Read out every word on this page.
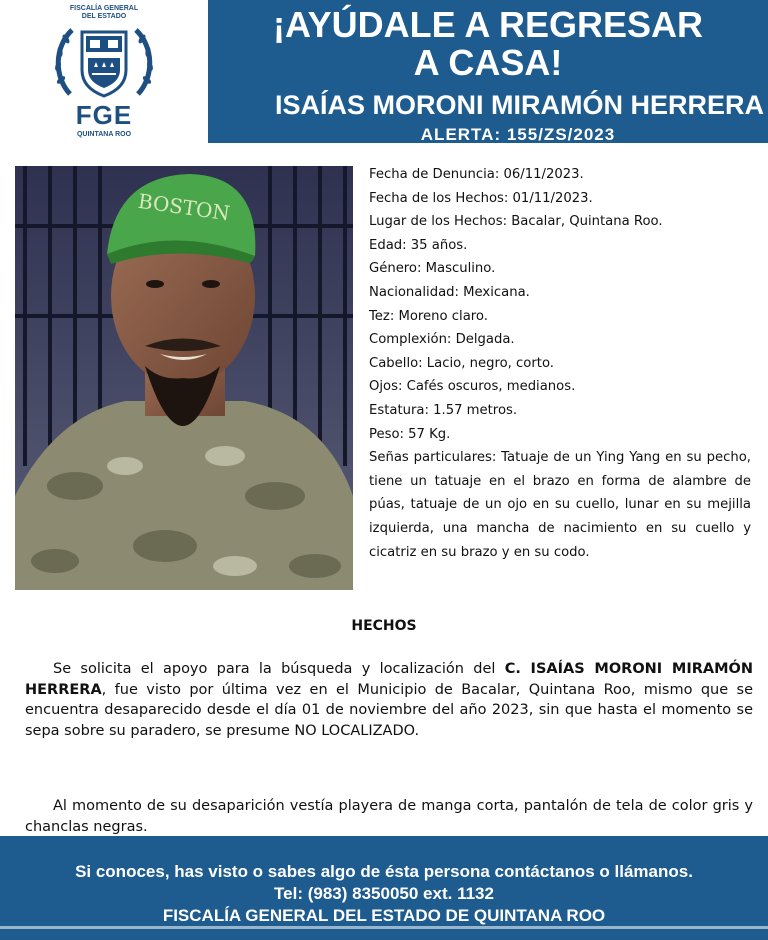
FISCALÍA GENERAL
DEL ESTADO
FGE
QUINTANA ROO
¡AYÚDALE A REGRESAR
A CASA!
ISAÍAS MORONI MIRAMÓN HERRERA
ALERTA: 155/ZS/2023
BOSTON
Fecha de Denuncia: 06/11/2023.
Fecha de los Hechos: 01/11/2023.
Lugar de los Hechos: Bacalar, Quintana Roo.
Edad: 35 años.
Género: Masculino.
Nacionalidad: Mexicana.
Tez: Moreno claro.
Complexión: Delgada.
Cabello: Lacio, negro, corto.
Ojos: Cafés oscuros, medianos.
Estatura: 1.57 metros.
Peso: 57 Kg.
Señas particulares: Tatuaje de un Ying Yang en su pecho, tiene un tatuaje en el brazo en forma de alambre de púas, tatuaje de un ojo en su cuello, lunar en su mejilla izquierda, una mancha de nacimiento en su cuello y cicatriz en su brazo y en su codo.
HECHOS
Se solicita el apoyo para la búsqueda y localización del C. ISAÍAS MORONI MIRAMÓN HERRERA, fue visto por última vez en el Municipio de Bacalar, Quintana Roo, mismo que se encuentra desaparecido desde el día 01 de noviembre del año 2023, sin que hasta el momento se sepa sobre su paradero, se presume NO LOCALIZADO.
Al momento de su desaparición vestía playera de manga corta, pantalón de tela de color gris y chanclas negras.
Si conoces, has visto o sabes algo de ésta persona contáctanos o llámanos.
Tel: (983) 8350050 ext. 1132
FISCALÍA GENERAL DEL ESTADO DE QUINTANA ROO
